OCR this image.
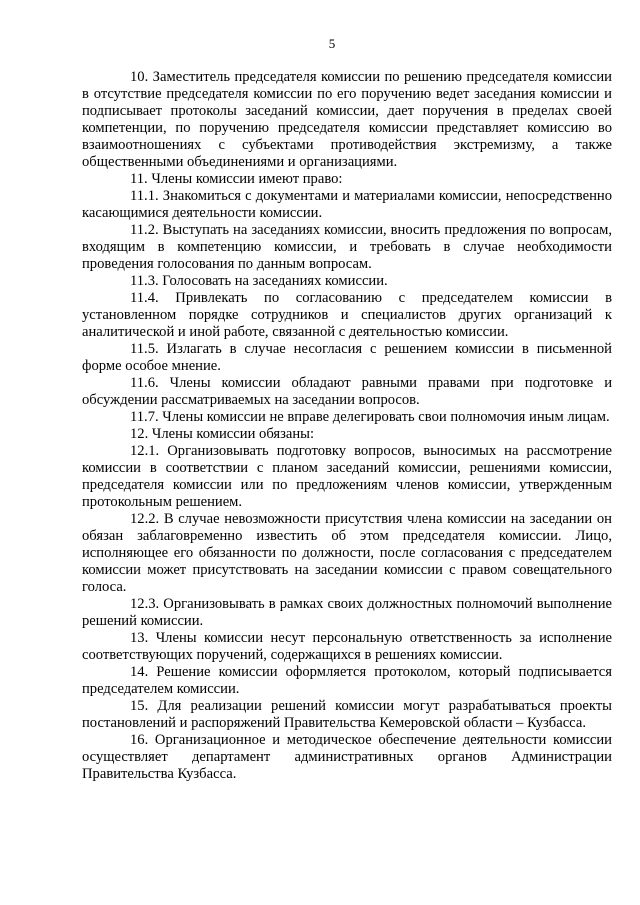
5

10. Заместитель председателя комиссии по решению председателя комиссии в отсутствие председателя комиссии по его поручению ведет заседания комиссии и подписывает протоколы заседаний комиссии, дает поручения в пределах своей компетенции, по поручению председателя комиссии представляет комиссию во взаимоотношениях с субъектами противодействия экстремизму, а также общественными объединениями и организациями.

11. Члены комиссии имеют право:

11.1. Знакомиться с документами и материалами комиссии, непосредственно касающимися деятельности комиссии.

11.2. Выступать на заседаниях комиссии, вносить предложения по вопросам, входящим в компетенцию комиссии, и требовать в случае необходимости проведения голосования по данным вопросам.

11.3. Голосовать на заседаниях комиссии.

11.4. Привлекать по согласованию с председателем комиссии в установленном порядке сотрудников и специалистов других организаций к аналитической и иной работе, связанной с деятельностью комиссии.

11.5. Излагать в случае несогласия с решением комиссии в письменной форме особое мнение.

11.6. Члены комиссии обладают равными правами при подготовке и обсуждении рассматриваемых на заседании вопросов.

11.7. Члены комиссии не вправе делегировать свои полномочия иным лицам.

12. Члены комиссии обязаны:

12.1. Организовывать подготовку вопросов, выносимых на рассмотрение комиссии в соответствии с планом заседаний комиссии, решениями комиссии, председателя комиссии или по предложениям членов комиссии, утвержденным протокольным решением.

12.2. В случае невозможности присутствия члена комиссии на заседании он обязан заблаговременно известить об этом председателя комиссии. Лицо, исполняющее его обязанности по должности, после согласования с председателем комиссии может присутствовать на заседании комиссии с правом совещательного голоса.

12.3. Организовывать в рамках своих должностных полномочий выполнение решений комиссии.

13. Члены комиссии несут персональную ответственность за исполнение соответствующих поручений, содержащихся в решениях комиссии.

14. Решение комиссии оформляется протоколом, который подписывается председателем комиссии.

15. Для реализации решений комиссии могут разрабатываться проекты постановлений и распоряжений Правительства Кемеровской области – Кузбасса.

16. Организационное и методическое обеспечение деятельности комиссии осуществляет департамент административных органов Администрации Правительства Кузбасса.
